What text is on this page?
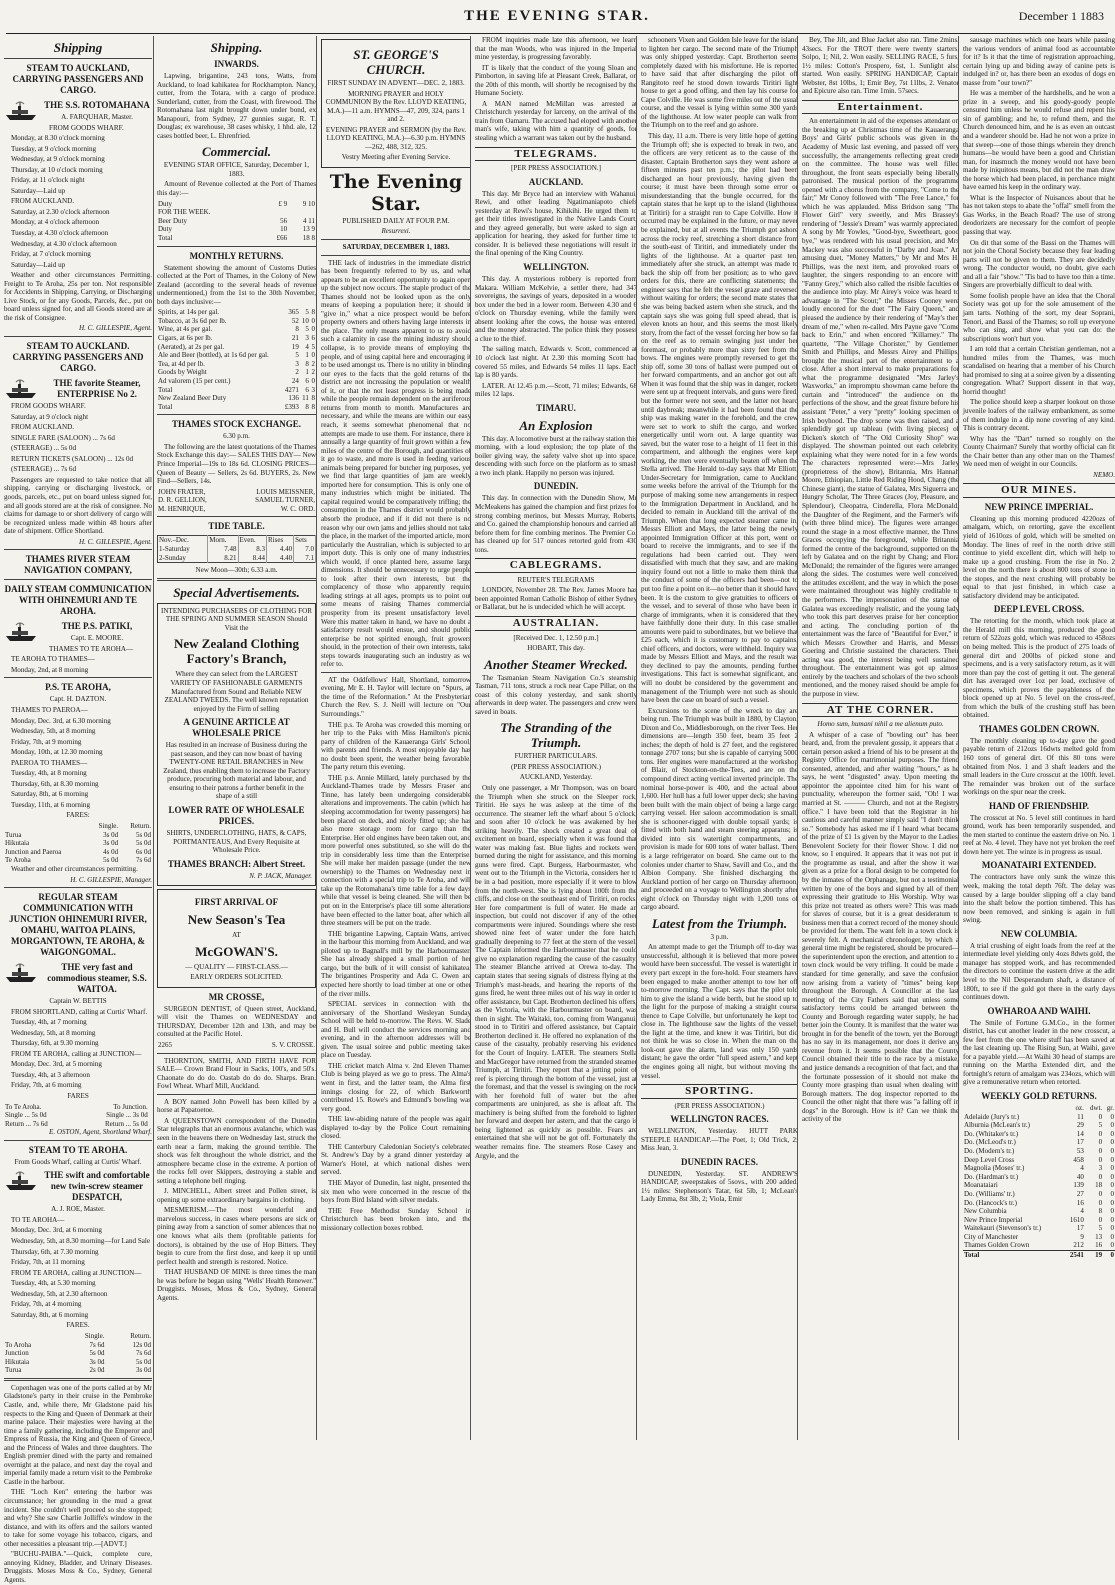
THE EVENING STAR.	December 1 1883
Shipping
STEAM TO AUCKLAND, CARRYING PASSENGERS AND CARGO.
THE S.S. ROTOMAHANA

A. FARQUHAR, Master.

FROM GOODS WHARF.

Monday, at 8.30 o'clock morning

Tuesday, at 9 o'clock morning

Wednesday, at 9 o'clock morning

Thursday, at 10 o'clock morning

Friday, at 11 o'clock night

Saturday—Laid up

FROM AUCKLAND.

Saturday, at 2.30 o'clock afternoon

Monday, at 4 o'clock afternoon

Tuesday, at 4.30 o'clock afternoon

Wednesday, at 4.30 o'clock afternoon

Friday, at 7 o'clock morning

Saturday—Laid up

Weather and other circumstances Permitting. Freight to Te Aroha, 25s per ton. Not responsible for Accidents in Shipping, Carrying, or Discharging Live Stock, or for any Goods, Parcels, &c., put on board unless signed for, and all Goods stored are at the risk of Consignee.

H. C. GILLESPIE, Agent.

STEAM TO AUCKLAND. CARRYING PASSENGERS AND CARGO.
THE favorite Steamer, ENTERPRISE No 2.

FROM GOODS WHARF.

Saturday, at 9 o'clock night

FROM AUCKLAND.

SINGLE FARE (SALOON) ... 7s 6d

(STEERAGE) ... 5s 0d

RETURN TICKETS (SALOON) ... 12s 0d

(STEERAGE) ... 7s 6d

Passengers are requested to take notice that all shipping, carrying or discharging livestock, or goods, parcels, etc., put on board unless signed for, and all goods stored are at the risk of consignee. No claims for damage to or short delivery of cargo will be recognized unless made within 48 hours after date of shipment. Office Shortland.

H. C. GILLESPIE, Agent.

THAMES RIVER STEAM NAVIGATION COMPANY,
DAILY STEAM COMMUNICATION WITH OHINEMURI AND TE AROHA.
THE P.S. PATIKI,

Capt. E. MOORE.

THAMES TO TE AROHA—

TE AROHA TO THAMES—

Monday, 2nd, at 8 morning

P.S. TE AROHA,

Capt. H. DAZTON.

THAMES TO PAEROA—

Monday, Dec. 3rd, at 6.30 morning

Wednesday, 5th, at 8 morning

Friday, 7th, at 9 morning

Monday, 10th, at 12.30 morning

PAEROA TO THAMES—

Tuesday, 4th, at 8 morning

Thursday, 6th, at 8.30 morning

Saturday, 8th, at 6 morning

Tuesday, 11th, at 6 morning

FARES:

	Single.	Return.
Turua	3s 0d	5s 0d
Hikutaia	3s 0d	5s 0d
Junction and Paeroa	4s 0d	6s 0d
Te Aroha	5s 0d	7s 6d

Weather and other circumstances permitting.

H. C. GILLESPIE, Manager.

REGULAR STEAM COMMUNICATION WITH JUNCTION OHINEMURI RIVER, OMAHU, WAITOA PLAINS, MORGANTOWN, TE AROHA, & WAIGONGOMAL.
THE very fast and commodious steamer, S.S. WAITOA.

Captain W. BETTIS

FROM SHORTLAND, calling at Curtis' Wharf.

Tuesday, 4th, at 7 morning

Wednesday, 5th, at 8 morning

Thursday, 6th, at 9.30 morning

FROM TE AROHA, calling at JUNCTION—

Monday, Dec. 3rd, at 5 morning

Tuesday, 4th, at 3 afternoon

Friday, 7th, at 6 morning

FARES

To Te Aroha.	To Junction.	
Single ... 5s 0d	Single ... 3s 0d	
Return ... 7s 6d	Return ... 5s 0d	

E. OSTON, Agent, Shortland Wharf.

STEAM TO TE AROHA.

From Goods Wharf, calling at Curtis' Wharf.

THE swift and comfortable new twin-screw steamer DESPATCH,

A. J. ROE, Master.

TO TE AROHA—

Monday, Dec. 3rd, at 6 morning

Wednesday, 5th, at 8.30 morning—for Land Sale

Thursday, 6th, at 7.30 morning

Friday, 7th, at 11 morning

FROM TE AROHA, calling at JUNCTION—

Tuesday, 4th, at 5.30 morning

Wednesday, 5th, at 2.30 afternoon

Friday, 7th, at 4 morning

Saturday, 8th, at 6 morning

FARES.

	Single.	Return.
To Aroha	7s 6d	12s 0d
Junction	5s 0d	7s 6d
Hikutaia	3s 0d	5s 0d
Turua	2s 0d	3s 0d

Copenhagen was one of the ports called at by Mr Gladstone's party in their cruise in the Pembroke Castle, and, while there, Mr Gladstone paid his respects to the King and Queen of Denmark at their marine palace. Their majesties were having at the time a family gathering, including the Emperor and Empress of Russia, the King and Queen of Greece, and the Princess of Wales and three daughters. The English premier dined with the party and remained overnight at the palace, and next day the royal and imperial family made a return visit to the Pembroke Castle in the harbour.

THE "Loch Ken" entering the harbor was circumstance; her grounding in the mud a great incident. She couldn't well proceed so she stopped; and why? She saw Charlie Jolliffe's window in the distance, and with its offers and the sailors wanted to take for some voyage his tobacco, cigars, and other necessities a pleasant trip.—[ADVT.]

"BUCHU-PAIBA."—Quick, complete cure, annoying Kidney, Bladder, and Urinary Diseases. Druggists. Moses Moss & Co., Sydney, General Agents.

Shipping.
INWARDS.

Lapwing, brigantine, 243 tons, Watts, from Auckland, to load kahikatea for Rockhampton. Nancy, cutter, from the Totara, with a cargo of produce. Sunderland, cutter, from the Coast, with firewood. The Rotomahana last night brought down under bond, ex Manapouri, from Sydney, 27 gunnies sugar, R. T. Douglas; ex warehouse, 38 cases whisky, 1 hhd. ale, 12 cases bottled beer, L. Ehrenfried.

Commercial.

EVENING STAR OFFICE, Saturday, December 1, 1883.

Amount of Revenue collected at the Port of Thames this day:—

Duty	£ 9	9 10
FOR THE WEEK.		
Beer Duty	56	4 11
Duty	10	13 9
Total	£66	18 8
MONTHLY RETURNS.

Statement showing the amount of Customs Duties collected at the Port of Thames, in the Colony of New Zealand (according to the several heads of revenue undermentioned,) from the 1st to the 30th November, both days inclusive:—

Spirits, at 14s per gal.	365	5	8
Tobacco, at 3s 6d per lb.	52	10	0
Wine, at 4s per gal.	8	5	0
Cigars, at 6s per lb.	21	3	6
(Aerated), at 2s per gal.	19	4	5
Ale and Beer (bottled), at 1s 6d per gal.	5	1	0
Tea, at 4d per lb.	3	8	2
Goods by Weight	2	1	2
Ad valorem (15 per cent.)	24	6	0
Total	4271	6	3
New Zealand Beer Duty	136	11	8
Total	£393	8	8
THAMES STOCK EXCHANGE.

6.30 p.m.

The following are the latest quotations of the Thames Stock Exchange this day:— SALES THIS DAY— New Prince Imperial—19s to 18s 6d. CLOSING PRICES— Queen of Beauty — Sellers, 2s 6d. BUYERS, 2s. New Find—Sellers, 14s.

JOHN FRATER,	LOUIS MEISSNER,
D. R. GELLION,	SAMUEL TURNER,
M. HENRIQUE,	W. C. ORD.
TIDE TABLE.
Nov.–Dec.	Morn.	Even.	Rises	Sets
1-Saturday	7.48	8.3	4.40	7.0
2-Sunday	8.21	8.44	4.40	7.1

New Moon—30th; 6.33 a.m.

Special Advertisements.

INTENDING PURCHASERS OF CLOTHING FOR THE SPRING AND SUMMER SEASON Should Visit the

New Zealand Clothing Factory's Branch,

Where they can select from the LARGEST VARIETY OF FASHIONABLE GARMENTS Manufactured from Sound and Reliable NEW ZEALAND TWEEDS. The well known reputation enjoyed by the Firm of selling

A GENUINE ARTICLE AT WHOLESALE PRICE

Has resulted in an increase of Business during the past season, and they can now boast of having TWENTY-ONE RETAIL BRANCHES in New Zealand, thus enabling them to increase the Factory produce, procuring both material and labour, and ensuring to their patrons a further benefit in the shape of a still

LOWER RATE OF WHOLESALE PRICES.

SHIRTS, UNDERCLOTHING, HATS, & CAPS, PORTMANTEAUS, And Every Requisite at Wholesale Price.

THAMES BRANCH: Albert Street.

N. P. JACK, Manager.

FIRST ARRIVAL OF
New Season's Tea

AT

McGOWAN'S.

— QUALITY — FIRST-CLASS.—

EARLY ORDERS SOLICITED.

MR CROSSE,

SURGEON DENTIST, of Queen street, Auckland, will visit the Thames on WEDNESDAY and THURSDAY, December 12th and 13th, and may be consulted at the Pacific Hotel.

2265	S. V. CROSSE.

THORNTON, SMITH, AND FIRTH HAVE FOR SALE— Crown Brand Flour in Sacks, 100's, and 50's. Chaonate do do do. Oastab do do do. Sharps. Bran. Fowl Wheat. Wharf Mill, Auckland.

A BOY named John Powell has been killed by a horse at Papatoetoe.

A QUEENSTOWN correspondent of the Dunedin Star telegraphs that an enormous avalanche, which was seen in the heavens there on Wednesday last, struck the earth near a farm, making the ground terrible. The shock was felt throughout the whole district, and the atmosphere became close in the extreme. A portion of the rocks fell over Skippers, destroying a stable and setting a telephone bell ringing.

J. MINCHELL, Albert street and Pollen street, is opening up some extraordinary bargains in clothing.

MESMERISM.—The most wonderful and marvelous success, in cases where persons are sick or pining away from a sanction of somer ablences that no one knows what ails them (profitable patients for doctors), is obtained by the use of Hop Bitters. They begin to cure from the first dose, and keep it up until perfect health and strength is restored. Notice.

THAT HUSBAND OF MINE is three times the man he was before he began using "Wells' Health Renewer." Druggists. Moses, Moss & Co., Sydney, General Agents.

ST. GEORGE'S CHURCH.

FIRST SUNDAY IN ADVENT—DEC. 2, 1883.

MORNING PRAYER and HOLY COMMUNION By the Rev. LLOYD KEATING, M.A.)—11 a.m. HYMNS—47, 209, 324, parts 1 and 2.

EVENING PRAYER and SERMON (by the Rev. LLOYD KEATING, M.A.)—6.30 p.m. HYMNS—262, 488, 312, 325.

Vestry Meeting after Evening Service.

The Evening Star.

PUBLISHED DAILY AT FOUR P.M.

Resurrexi.

SATURDAY, DECEMBER 1, 1883.

THE lack of industries in the immediate district has been frequently referred to by us, and what appears to be an excellent opportunity to again open up the subject now occurs. The staple product of the Thames should not be looked upon as the only means of keeping a population here; it should it "give in," what a nice prospect would be before property owners and others having large interests in the place. The only means apparent to us to avoid such a calamity in case the mining industry should collapse, is to provide means of employing the people, and of using capital here and encouraging it to be used amongst us. There is no utility in blinding our eyes to the facts that the gold returns of the district are not increasing the population or wealth of it, or that the not least progress is being made while the people remain dependent on the auriferous returns from month to month. Manufactures are necessary, and while the means are within our easy reach, it seems somewhat phenomenal that no attempts are made to use them. For instance, there is annually a large quantity of fruit grown within a few miles of the centre of the Borough, and quantities of it go to waste, and more is used in feeding various animals being prepared for butcher ing purposes, yet we find that large quantities of jam are weekly imported here for consumption. This is only one of many industries which might be initiated. The capital required would be comparatively trifling; the consumption in the Thames district would probably absorb the produce, and if it did not there is no reason why our own jams and jellies should not take the place, in the market of the imported article, more particularly the Australian, which is subjected to an import duty. This is only one of many industries, which would, if once planted here, assume large dimensions. It should be unnecessary to urge people to look after their own interests, but the complacency of those who apparently require leading strings at all ages, prompts us to point out some means of raising Thames commercial prosperity from its present unsatisfactory level. Were this matter taken in hand, we have no doubt a satisfactory result would ensue, and should public enterprise be not spirited enough, fruit growers should, in the protection of their own interests, take steps towards inaugurating such an industry as we refer to.

AT the Oddfellows' Hall, Shortland, tomorrow evening, Mr E. H. Taylor will lecture on "Spurs, at the time of the Reformation." At the Presbyterian Church the Rev. S. J. Neill will lecture on "Our Surroundings."

THE p.s. Te Aroha was crowded this morning on her trip to the Paks with Miss Hamilton's picnic party of children of the Kauaeranga Girls' School, with parents and friends. A most enjoyable day has no doubt been spent, the weather being favorable. The party return this evening.

THE p.s. Annie Millard, lately purchased by the Auckland-Thames trade by Messrs Fraser and Tinne, has lately been undergoing considerable alterations and improvements. The cabin (which has sleeping accommodation for twenty passengers) has been placed on deck, and nicely fitted up; she has also more storage room for cargo than the Enterprise. Her old engines have been taken out, and more powerful ones substituted, so she will do the trip in considerably less time than the Enterprise. She will make her maiden passage (under the new ownership) to the Thames on Wednesday next in connection with a special trip to Te Aroha, and will take up the Rotomahana's time table for a few days while that vessel is being cleaned. She will then be put on in the Enterprise's place till some alterations have been effected to the latter boat, after which all three steamers will be put on the trade.

THE brigantine Lapwing, Captain Watts, arrived in the harbour this morning from Auckland, and was piloted up to Bagnall's mill by the Harbourmaster. She has already shipped a small portion of her cargo, but the bulk of it will consist of kahikatea. The brigantines Prosperity and Ada C. Owen are expected here shortly to load timber at one or other of the river mills.

SPECIAL services in connection with the anniversary of the Shortland Wesleyan Sunday School will be held to-morrow. The Revs. W. Slade and H. Bull will conduct the services morning and evening, and in the afternoon addresses will be given. The usual soiree and public meeting takes place on Tuesday.

THE cricket match Alma v. 2nd Eleven Thames Club is being played as we go to press. The Alma's went in first, and the latter team, the Alma first innings closing for 22, of which Barkworth contributed 15. Rowe's and Edmund's bowling was very good.

THE law-abiding nature of the people was again displayed to-day by the Police Court remaining closed.

THE Canterbury Caledonian Society's celebrated St. Andrew's Day by a grand dinner yesterday at Warner's Hotel, at which national dishes were served.

THE Mayor of Dunedin, last night, presented the six men who were concerned in the rescue of the boys from Bird Island with silver medals.

THE Free Methodist Sunday School in Christchurch has been broken into, and the missionary collection boxes robbed.

FROM inquiries made late this afternoon, we learn that the man Woods, who was injured in the Imperial mine yesterday, is progressing favorably.

IT is likely that the conduct of the young Sloan and Pimborton, in saving life at Pleasant Creek, Ballarat, on the 20th of this month, will shortly be recognised by the Humane Society.

A MAN named McMillan was arrested at Christchurch yesterday for larceny, on the arrival of the train from Oamaru. The accused had eloped with another man's wife, taking with him a quantity of goods, for stealing which a warrant was taken out by the husband.

TELEGRAMS.

[PER PRESS ASSOCIATION.]

AUCKLAND.

This day. Mr Bryce had an interview with Wahanui, Rewi, and other leading Ngatimaniapoto chiefs yesterday at Rewi's house, Kihikihi. He urged them to get their titles investigated in the Native Lands Court, and they agreed generally, but were asked to sign an application for hearing, they asked for further time to consider. It is believed these negotiations will result in the final opening of the King Country.

WELLINGTON.

This day. A mysterious robbery is reported from Makara. William McKelvie, a settler there, had 347 sovereigns, the savings of years, deposited in a wooden box under the bed in a lower room. Between 4.30 and 6 o'clock on Thursday evening, while the family were absent looking after the cows, the house was entered, and the money abstracted. The police think they possess a clue to the thief.

The sailing match, Edwards v. Scott, commenced at 10 o'clock last night. At 2.30 this morning Scott had covered 55 miles, and Edwards 54 miles 11 laps. Each lap is 80 yards.

LATER. At 12.45 p.m.—Scott, 71 miles; Edwards, 68 miles 12 laps.

TIMARU.
An Explosion

This day. A locomotive burst at the railway station this morning, with a loud explosion; the top plate of the boiler giving way, the safety valve shot up into space, descending with such force on the platform as to smash a two inch plank. Happily no person was injured.

DUNEDIN.

This day. In connection with the Dunedin Show, Mr McMeakens has gained the champion and first prizes for strong combing merinos, but Messrs Murray, Roberts, and Co. gained the championship honours and carried all before them for fine combing merinos. The Premier Co. has cleaned up for 517 ounces retorted gold from 430 tons.

CABLEGRAMS.

REUTER'S TELEGRAMS

LONDON, November 28. The Rev. James Moore has been appointed Roman Catholic Bishop of either Sydney or Ballarat, but he is undecided which he will accept.

AUSTRALIAN.

[Received Dec. 1, 12.50 p.m.]

HOBART, This day.

Another Steamer Wrecked.

The Tasmanian Steam Navigation Co.'s steamship Tasman, 711 tons, struck a rock near Cape Pillar, on the coast of this colony yesterday, and sank shortly afterwards in deep water. The passengers and crew were saved in boats.

The Stranding of the Triumph.

FURTHER PARTICULARS.

(PER PRESS ASSOCIATION.)

AUCKLAND, Yesterday.

Only one passenger, a Mr Thompson, was on board the Triumph when she struck on the Sleeper rock, Tiritiri. He says he was asleep at the time of the occurrence. The steamer left the wharf about 5 o'clock, and soon after 10 o'clock he was awakened by her striking heavily. The shock created a great deal of excitement on board, especially when it was found that water was making fast. Blue lights and rockets were burned during the night for assistance, and this morning guns were fired. Capt. Burgess, Harbourmaster, who went out to the Triumph in the Victoria, considers her to be in a bad position, more especially if it were to blow from the north-west. She is lying about 100ft from the cliffs, and close on the southeast end of Tiritiri, on rocks. Her fore compartment is full of water. He made an inspection, but could not discover if any of the other compartments were injured. Soundings where she rests showed nine feet of water under the fore hatch, gradually deepening to 77 feet at the stern of the vessel. The Captain informed the Harbourmaster that he could give no explanation regarding the cause of the casualty. The steamer Blanche arrived at Orewa to-day. The captain states that seeing signals of distress flying at the Triumph's mast-heads, and hearing the reports of the guns fired, he went three miles out of his way in order to offer assistance, but Capt. Brotherton declined his offers, as the Victoria, with the Harbourmaster on board, was then in sight. The Waitaki, too, coming from Wanganui, stood in to Tiritiri and offered assistance, but Captain Brotherton declined it. He offered no explanation of the cause of the casualty, probably reserving his evidence for the Court of Inquiry. LATER. The steamers Stella and MacGregor have returned from the stranded steamer Triumph, at Tiritiri. They report that a jutting point of reef is piercing through the bottom of the vessel, just at the foremast, and that the vessel is swinging on the rock with her forehold full of water but the after compartments are uninjured, as she is afloat aft. The machinery is being shifted from the forehold to lighten her forward and deepen her astern, and that the cargo is being lightened as quickly as possible. Fears are entertained that she will not be got off. Fortunately the weather remains fine. The steamers Rose Casey and Argyle, and the

schooners Vixen and Golden Isle leave for the island to lighten her cargo. The second mate of the Triumph was only shipped yesterday. Capt. Brotherton seems completely dazed with his misfortune. He is reported to have said that after discharging the pilot off Rangitoto reef he stood down towards Tiritiri light house to get a good offing, and then lay his course for Cape Colville. He was some five miles out of the usual course, and the vessel is lying within some 300 yards of the lighthouse. At low water people can walk from the Triumph on to the reef and go ashore.

This day, 11 a.m. There is very little hope of getting the Triumph off; she is expected to break in two, and the officers are very reticent as to the cause of the disaster. Captain Brotherton says they went ashore at fifteen minutes past ten p.m.; the pilot had been discharged an hour previously, having given the course; it must have been through some error or misunderstanding that the bungle occurred, for the captain states that he kept up to the island (lighthouse at Tiritiri) for a straight run to Cape Colville. How it occurred may be explained in the future, or may never be explained, but at all events the Triumph got ashore across the rocky reef, stretching a short distance from the south-east of Tiritiri, and immediately under the lights of the lighthouse. At a quarter past ten, immediately after she struck, an attempt was made to back the ship off from her position; as to who gave orders for this, there are conflicting statements; the engineer says that he felt the vessel graze and reversed without waiting for orders; the second mate states that she was being backed astern when she struck, and the captain says she was going full speed ahead, that is, eleven knots an hour, and this seems the most likely story, from the fact of the vessel forcing her bow so far on the reef as to remain swinging just under her foremast, or probably more than sixty feet from the bows. The engines were promptly reversed to get the ship off, some 30 tons of ballast were pumped out of her forward compartments, and an anchor got out aft. When it was found that the ship was in danger, rockets were sent up at frequent intervals, and guns were fired, but the former were not seen, and the latter not heard until daybreak; meanwhile it had been found that the ship was making water in the forehold, and the crew were set to work to shift the cargo, and worked energetically until worn out. A large quantity was saved, but the water rose to a height of 11 feet in this compartment, and although the engines were kept working, the men were eventually beaten off when the Stella arrived. The Herald to-day says that Mr Elliott, Under-Secretary for Immigration, came to Auckland some weeks before the arrival of the Triumph for the purpose of making some new arrangements in respect to the Immigration Department in Auckland, and he decided to remain in Auckland till the arrival of the Triumph. When that long expected steamer came in, Messrs Elliott and Mays, the latter being the newly appointed Immigration Officer at this port, went on board to receive the immigrants, and to see if the regulations had been carried out. They were dissatisfied with much that they saw, and are making inquiry found out not a little to make them think that the conduct of some of the officers had been—not to put too fine a point on it—no better than it should have been. It is the custom to give gratuities to officers of the vessel, and to several of those who have been in charge of immigrants, when it is considered that they have faithfully done their duty. In this case smaller amounts were paid to subordinates, but we believe that £25 each, which it is customary to pay to captains, chief officers, and doctors, were withheld. Inquiry was made by Messrs Elliott and Mays, and the result was they declined to pay the amounts, pending further investigations. This fact is somewhat significant, and will no doubt be considered by the government and management of the Triumph were not such as should have been the case on board of such a vessel.

Excursions to the scene of the wreck to day are being run. The Triumph was built in 1880, by Clayton, Dixon and Co., Middlesborough, on the river Tees. Her dimensions are—length 350 feet, beam 35 feet 2 inches; the depth of hold is 27 feet, and the registered tonnage 2707 tons; but she is capable of carrying 5000 tons. Her engines were manufactured at the workshop of Blair, of Stockton-on-the-Tees, and are on the compound direct acting vertical inverted principle. The nominal horse-power is 400, and the actual about 1,600. Her hull has a full lower upper deck; she having been built with the main object of being a large cargo carrying vessel. Her saloon accommodation is small, she is schooner-rigged with double topsail yards; is fitted with both hand and steam steering apparatus; is divided into six watertight compartments, and provision is made for 600 tons of water ballast. There is a large refrigerator on board. She came out to the colonies under charter to Shaw, Savill and Co., and the Albion Company. She finished discharging the Auckland portion of her cargo on Thursday afternoon, and proceeded on a voyage to Wellington shortly after eight o'clock on Thursday night with 1,200 tons of cargo aboard.

Latest from the Triumph.

3 p.m.

An attempt made to get the Triumph off to-day was unsuccessful, although it is believed that more power would have been successful. The vessel is watertight in every part except in the fore-hold. Four steamers have been engaged to make another attempt to tow her off to-morrow morning. The Capt. says that the pilot told him to give the island a wide berth, but he stood up to the light for the purpose of making a straight course thence to Cape Colville, but unfortunately he kept too close in. The lighthouse saw the lights of the vessel; the light at the time, and knew it was Tiritiri, but did not think he was so close in. When the man on the look-out gave the alarm, land was only 150 yards distant; he gave the order "full speed astern," and kept the engines going all night, but without moving the vessel.

SPORTING.

(PER PRESS ASSOCIATION.)

WELLINGTON RACES.

WELLINGTON, Yesterday. HUTT PARK STEEPLE HANDICAP.—The Poet, 1; Old Trick, 2; Miss Jean, 3.

DUNEDIN RACES.

DUNEDIN, Yesterday. ST. ANDREW'S HANDICAP, sweepstakes of 5sovs., with 200 added. 1½ miles: Stephenson's Tatar, 6st 5lb, 1; McLean's Lady Emma, 8st 3lb, 2; Viola, Emir

Bey, The Jilt, and Blue Jacket also ran. Time 2mins. 43secs. For the TROT there were twenty starters. Solpo, 1; Nil, 2. Won easily. SELLING RACE, 5 furs, 1½ miles: Cotton's Prospero, 6st, 1. Sunlight also started. Won easily. SPRING HANDICAP, Captain Webster, 8st 10lbs, 1; Emir Bey, 7st 11lbs, 2. Venator and Epicure also ran. Time 1min. 57secs.

Entertainment.

An entertainment in aid of the expenses attendant on the breaking up at Christmas time of the Kauaeranga Boys' and Girls' public schools was given in the Academy of Music last evening, and passed off very successfully, the arrangements reflecting great credit on the committee. The house was well filled throughout, the front seats especially being liberally patronised. The musical portion of the programme opened with a chorus from the company, "Come to the fair;" Mr Conoy followed with "The Free Lance," for which he was applauded. Miss Bridson sang "The Flower Girl" very sweetly, and Mrs Brassey's rendering of "Jessie's Dream" was warmly appreciated. A song by Mr Yowles, "Good-bye, Sweetheart, good bye," was rendered with his usual precision, and Mrs Mackey was also successful in "Darby and Joan." An amusing duet, "Money Matters," by Mr and Mrs H. Phillips, was the next item, and provoked roars of laughter, the singers responding to an encore with "Fanny Grey," which also called the risible faculties of the audience into play. Mr Airey's voice was heard to advantage in "The Scout;" the Misses Cooney were loudly encored for the duet "The Fairy Queen," and pleased the audience by their rendering of "May's then dream of me," when re-called. Mrs Payne gave "Come back to Erin," and when encored "Killarney." The quartette, "The Village Chorister," by Gentlemen Smith and Phillips, and Messrs Airey and Phillips, brought the musical part of the entertainment to a close. After a short interval to make preparations for what the programme designated "Mrs Jarley's Waxworks," an impromptu showman came before the curtain and "introduced" the audience on the perfections of the show, and the great fixture before his assistant "Peter," a very "pretty" looking specimen of Irish boyhood. The drop scene was then raised, and a splendidly got up tableau (with living pieces) of Dicken's sketch of "The Old Curiosity Shop" was displayed. The showman pointed out each celebrity, explaining what they were noted for in a few words. The characters represented were:—Mrs Jarley (proprietress of the show), Britannia, Mrs Hannah Moore, Ethiopian, Little Red Riding Hood, Chang (the Chinese giant), the statue of Galatea, Mrs Siguerra and Hungry Scholar, The Three Graces (Joy, Pleasure, and Splendour), Cleopatra, Cinderella, Flora McDonald, the Daughter of the Regiment, and the Farmer's wife (with three blind mice). The figures were arranged round the stage in a most effective manner, the Three Graces occupying the foreground, while Britannia formed the centre of the background, supported on the left by Galatea and on the right by Chang; and Flora McDonald; the remainder of the figures were arranged along the sides. The costumes were well conceived, the attitudes excellent, and the way in which the poses were maintained throughout was highly creditable to the performers. The impersonation of the statue of Galatea was exceedingly realistic, and the young lady who took this part deserves praise for her conception and acting. The concluding portion of the entertainment was the farce of "Beautiful for Ever," in which Messrs Crowther and Harris, and Messrs Goering and Christie sustained the characters. Their acting was good, the interest being well sustained throughout. The entertainment was got up almost entirely by the teachers and scholars of the two schools mentioned, and the money raised should be ample for the purpose in view.

AT THE CORNER.

Homo sum, humani nihil a me alienum puto.

A whisper of a case of "bowling out" has been heard, and, from the prevalent gossip, it appears that a certain person asked a friend of his to be present at the Registry Office for matrimonial purposes. The friend consented, attended, and after waiting "hours," as he says, he went "disgusted" away. Upon meeting the appointor the appointee cited him for his want of punctuality, whereupon the former said, "Oh! I was married at St. ——— Church, and not at the Registry office." I have been told that the Registrar in his cautious and careful manner simply said "I don't think so." Somebody has asked me if I heard what became of the prize of £1 1s given by the Mayor to the Ladies' Benevolent Society for their flower Show. I did not know, so I enquired. It appears that it was not put in the programme as usual, and after the show it was given as a prize for a floral design to be competed for by the inmates of the Orphanage, but not a testimonial written by one of the boys and signed by all of them expressing their gratitude to His Worship. Why was this prize not treated as others were? This was made for slaves of course, but it is a great desideratum to business men that a correct record of the money should be provided for them. The want felt in a town clock is severely felt. A mechanical chronologer, by which a general time might be registered, should be procured—the superintendent upon the erection, and attention to a town clock would be very trifling. It could be made a standard for time generally, and save the confusion now arising from a variety of "times" being kept throughout the Borough. A Councillor at the last meeting of the City Fathers said that unless some satisfactory terms could be arranged between the County and Borough regarding water supply, he had better join the County. It is manifest that the water was brought in for the benefit of the town, yet the Borough has no say in its management, nor does it derive any revenue from it. It seems possible that the County Council obtained their title to the race by a mistake, and justice demands a recognition of that fact, and that the fortunate possession of it should not make the County more grasping than usual when dealing with Borough matters. The dog inspector reported to the Council the other night that there was "a falling off in dogs" in the Borough. How is it? Can we think the activity of the

sausage machines which one hears while passing the various vendors of animal food as accountable for it? Is it that the time of registration approaching, certain lying up and biding away of canine pets is indulged in? or, has there been an exodus of dogs en masse from "our town?"

He was a member of the hardshells, and he won a prize in a sweep, and his goody-goody people censured him unless he would refuse and repent his sin of gambling; and he, to refund them, and the Church denounced him, and he is as even an outcast and a wanderer should be. Had he not won a prize in that sweep—one of those things wherein they drench humans—he would have been a good and Christian man, for inasmuch the money would not have been made by iniquitous means, but did not the man draw the horse which had been placed, in perchance might have earned his keep in the ordinary way.

What is the Inspector of Nuisances about that he has not taken steps to abate the "offal" smell from the Gas Works, in the Beach Road? The use of strong deodorizers are necessary for the comfort of people passing that way.

On dit that some of the Bassi on the Thames will not join the Choral Society because they fear leading parts will not be given to them. They are decidedly wrong. The conductor would, no doubt, give each and all a fair "show." 'Tis bad to have too thin a time. Singers are proverbially difficult to deal with.

Some foolish people have an idea that the Choral Society was got up for the sole amusement of the jam tarts. Nothing of the sort, my dear Soprani, Tenori, and Bassi of the Thames; so roll up everyone who can sing, and show what you can do: the subscriptions won't hurt you.

I am told that a certain Christian gentleman, not a hundred miles from the Thames, was much scandalised on hearing that a member of his Church had promised to sing at a soiree given by a dissenting congregation. What? Support dissent in that way, horrid thought!

The police should keep a sharper lookout on those juvenile loafers of the railway embankment, as some of them indulge in a dip none covering of any kind. This is contrary decent.

Why has the "Dart" turned so roughly on the County Chairman? Surely that worthy official can fit the Chair better than any other man on the Thames! We need men of weight in our Councils.

NEMO.

OUR MINES.
NEW PRINCE IMPERIAL.

Cleaning up this morning produced 4220ozs of amalgam, which, on retorting, gave the excellent yield of 1610ozs of gold, which will be smelted on Monday. The lines of reef in the north drive still continue to yield excellent dirt, which will help to make up a good crushing. From the rise in No. 2 level on the north there is about 800 tons of stone in the stopes, and the next crushing will probably be equal to that just finished, in which case a satisfactory dividend may be anticipated.

DEEP LEVEL CROSS.

The retorting for the month, which took place at the Herald mill this morning, produced the good return of 522ozs gold, which was reduced to 458ozs on being melted. This is the product of 275 loads of general dirt and 200lbs of picked stone and specimens, and is a very satisfactory return, as it will more than pay the cost of getting it out. The general dirt has averaged over 1oz per load, exclusive of specimens, which proves the payableness of the block opened up at No. 5 level on the cross-reef, from which the bulk of the crushing stuff has been obtained.

THAMES GOLDEN CROWN.

The monthly cleaning up to-day gave the good payable return of 212ozs 16dwts melted gold from 160 tons of general dirt. Of this 80 tons were obtained from Nos. 1 and 3 shaft leaders and the small leaders in the Cure crosscut at the 100ft. level. The remainder was broken out of the surface workings on the spur near the creek.

HAND OF FRIENDSHIP.

The crosscut at No. 5 level still continues in hard ground, work has been temporarily suspended, and the men started to continue the eastern drive on No. 1 reef at No. 4 level. They have not yet broken the reef down here yet. The winze is in progress as usual.

MOANATAIRI EXTENDED.

The contractors have only sunk the winze this week, making the total depth 76ft. The delay was caused by a large boulder slipping off a clay band into the shaft below the portion timbered. This has now been removed, and sinking is again in full swing.

NEW COLUMBIA.

A trial crushing of eight loads from the reef at the intermediate level yielding only 4ozs 8dwts gold, the manager has stopped work, and has recommended the directors to continue the eastern drive at the adit level to the Nil Desperandum shaft, a distance of 180ft, to see if the gold got there in the early days continues down.

OWHAROA AND WAIHI.

The Smile of Fortune G.M.Co., in the former district, has cut another leader in the new crosscut, a few feet from the one where stuff has been saved at the last cleaning up. The Rising Sun, at Waihi, gave for a payable yield.—At Waihi 30 head of stamps are running on the Martha Extended dirt, and the fortnight's return of amalgam was 234ozs, which will give a remunerative return when retorted.

WEEKLY GOLD RETURNS.
	oz.	dwt.	gr.
Adelaide (Jury's tr.)	11	0	0
Alburnia (McLean's tr.)	29	5	0
Do. (Whitaker's tr.)	14	0	0
Do. (McLeod's tr.)	17	0	0
Do. (Modern's tr.)	53	0	0
Deep Level Cross	458	0	0
Magnolia (Moses' tr.)	4	3	0
Do. (Hardman's tr.)	40	0	0
Moanataiari	139	18	0
Do. (Williams' tr.)	27	0	0
Do. (Hancock's tr.)	16	0	0
New Columbia	4	8	0
New Prince Imperial	1610	0	0
Waitekauri (Stevenson's tr.)	17	5	0
City of Manchester	9	13	0
Thames Golden Crown	212	16	0
Total	2541	19	0
